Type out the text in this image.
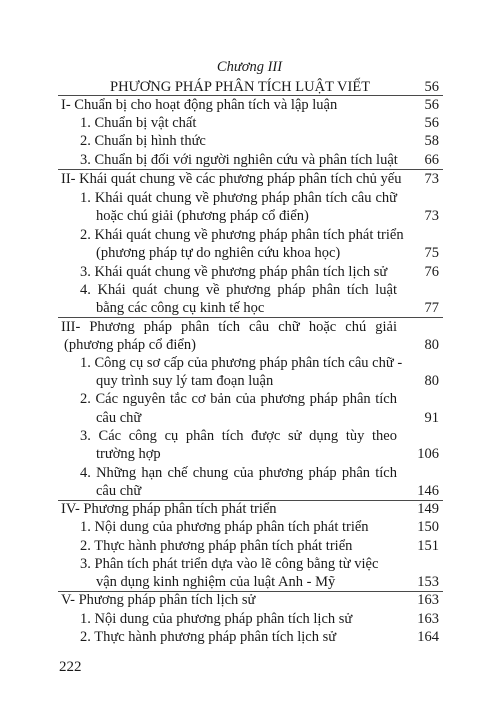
Chương III
PHƯƠNG PHÁP PHÂN TÍCH LUẬT VIẾT	56
I- Chuẩn bị cho hoạt động phân tích và lập luận	56
1. Chuẩn bị vật chất	56
2. Chuẩn bị hình thức	58
3. Chuẩn bị đối với người nghiên cứu và phân tích luật	66
II- Khái quát chung về các phương pháp phân tích chủ yếu	73
1. Khái quát chung về phương pháp phân tích câu chữ
hoặc chú giải (phương pháp cổ điển)	73
2. Khái quát chung về phương pháp phân tích phát triển
(phương pháp tự do nghiên cứu khoa học)	75
3. Khái quát chung về phương pháp phân tích lịch sử	76
4. Khái quát chung về phương pháp phân tích luật
bằng các công cụ kinh tế học	77
III- Phương pháp phân tích câu chữ hoặc chú giải
(phương pháp cổ điển)	80
1. Công cụ sơ cấp của phương pháp phân tích câu chữ -
quy trình suy lý tam đoạn luận	80
2. Các nguyên tắc cơ bản của phương pháp phân tích
câu chữ	91
3. Các công cụ phân tích được sử dụng tùy theo
trường hợp	106
4. Những hạn chế chung của phương pháp phân tích
câu chữ	146
IV- Phương pháp phân tích phát triển	149
1. Nội dung của phương pháp phân tích phát triển	150
2. Thực hành phương pháp phân tích phát triển	151
3. Phân tích phát triển dựa vào lẽ công bằng từ việc
vận dụng kinh nghiệm của luật Anh - Mỹ	153
V- Phương pháp phân tích lịch sử	163
1. Nội dung của phương pháp phân tích lịch sử	163
2. Thực hành phương pháp phân tích lịch sử	164
222
